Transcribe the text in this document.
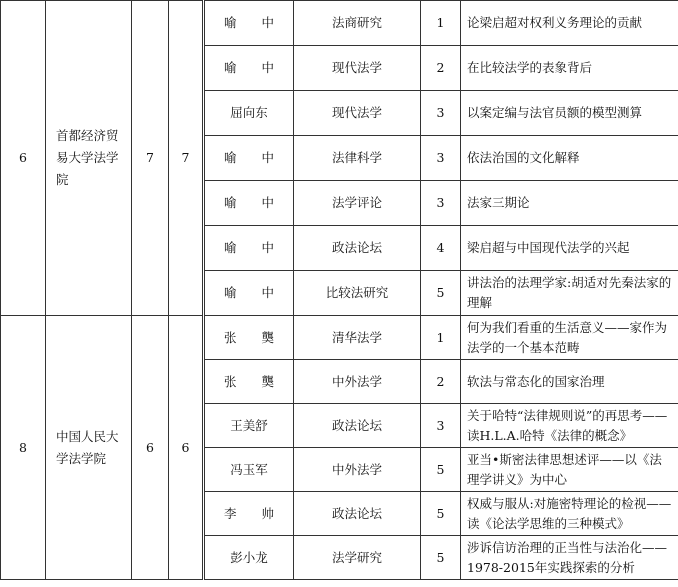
6	首都经济贸易大学法学院	7	7	喻　　中	法商研究	1	论梁启超对权利义务理论的贡献
				喻　　中	现代法学	2	在比较法学的表象背后
				屈向东	现代法学	3	以案定编与法官员额的模型测算
				喻　　中	法律科学	3	依法治国的文化解释
				喻　　中	法学评论	3	法家三期论
				喻　　中	政法论坛	4	梁启超与中国现代法学的兴起
				喻　　中	比较法研究	5	讲法治的法理学家:胡适对先秦法家的理解
8	中国人民大学法学院	6	6	张　　龑	清华法学	1	何为我们看重的生活意义——家作为法学的一个基本范畴
				张　　龑	中外法学	2	软法与常态化的国家治理
				王美舒	政法论坛	3	关于哈特“法律规则说”的再思考——读H.L.A.哈特《法律的概念》
				冯玉军	中外法学	5	亚当•斯密法律思想述评——以《法理学讲义》为中心
				李　　帅	政法论坛	5	权威与服从:对施密特理论的检视——读《论法学思维的三种模式》
				彭小龙	法学研究	5	涉诉信访治理的正当性与法治化——1978-2015年实践探索的分析
